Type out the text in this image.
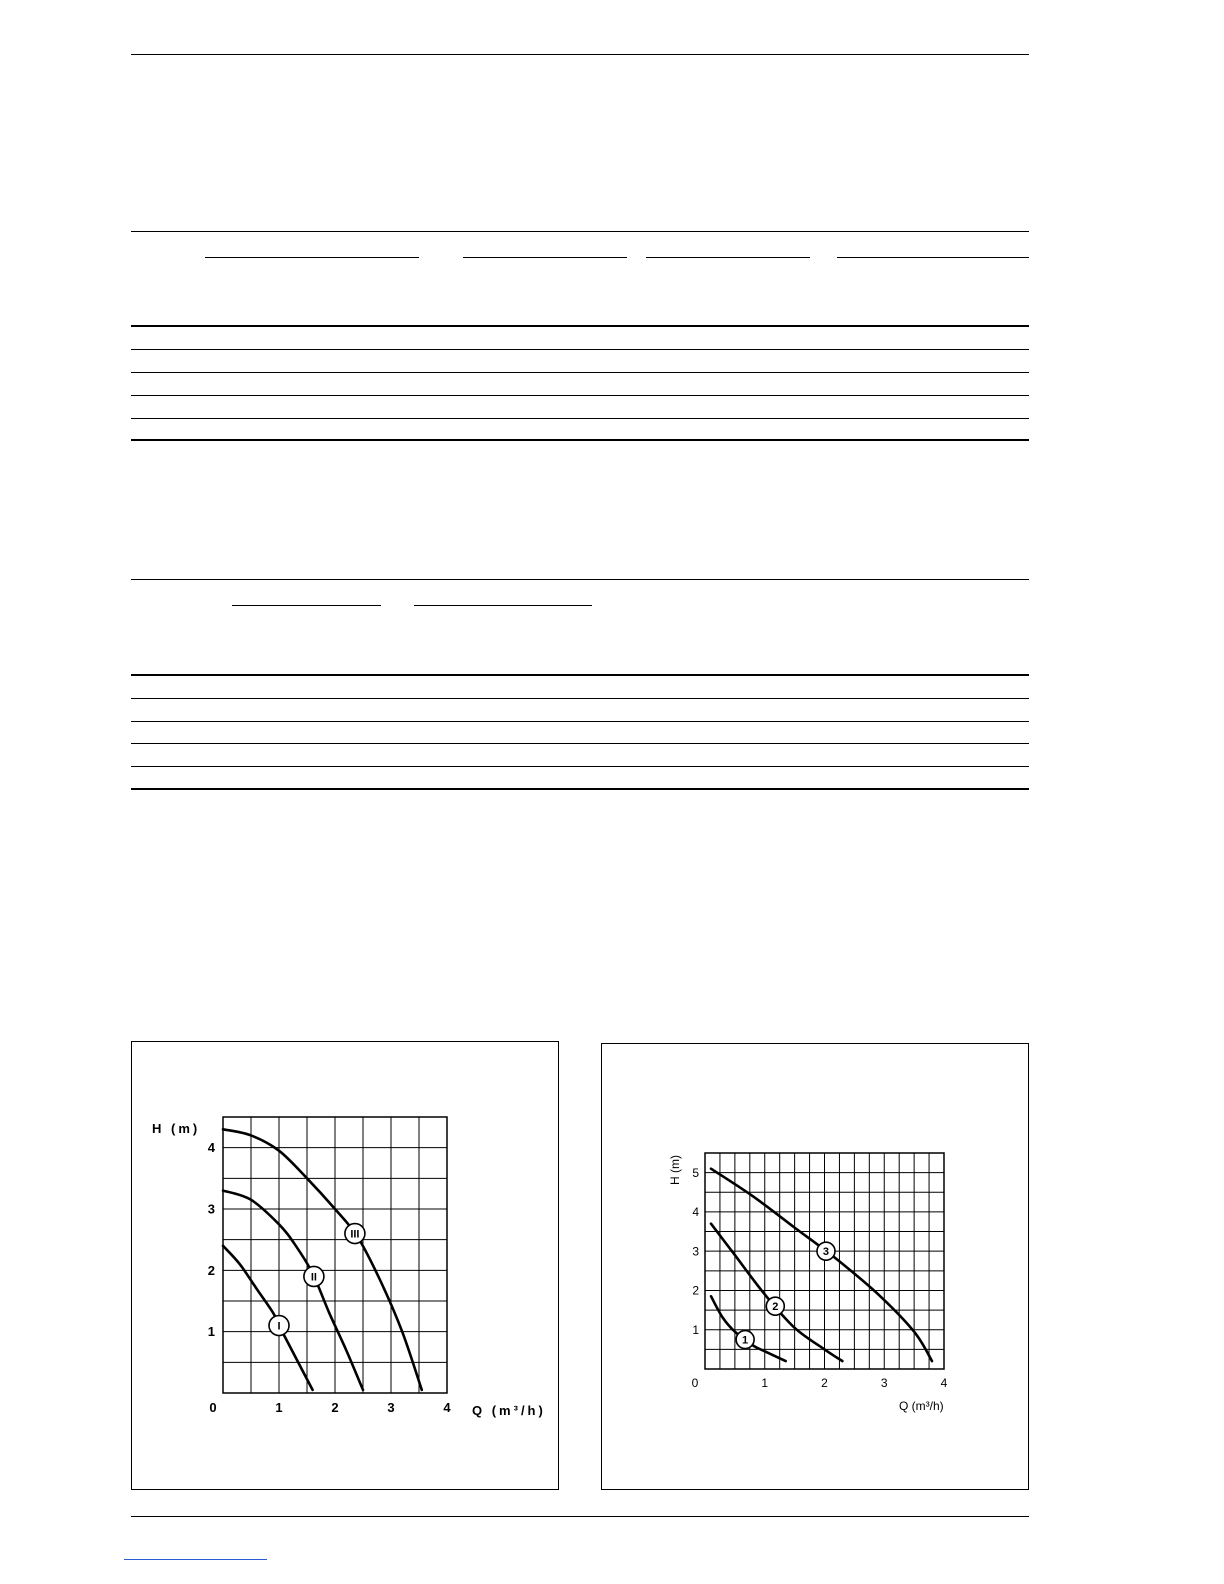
0	1	2	3	4
1
2
3
4
Q (m³/h)
H (m)
I
II
III
0	1	2	3	4
1
2
3
4
5
Q (m³/h)
H (m)
1
2
3
